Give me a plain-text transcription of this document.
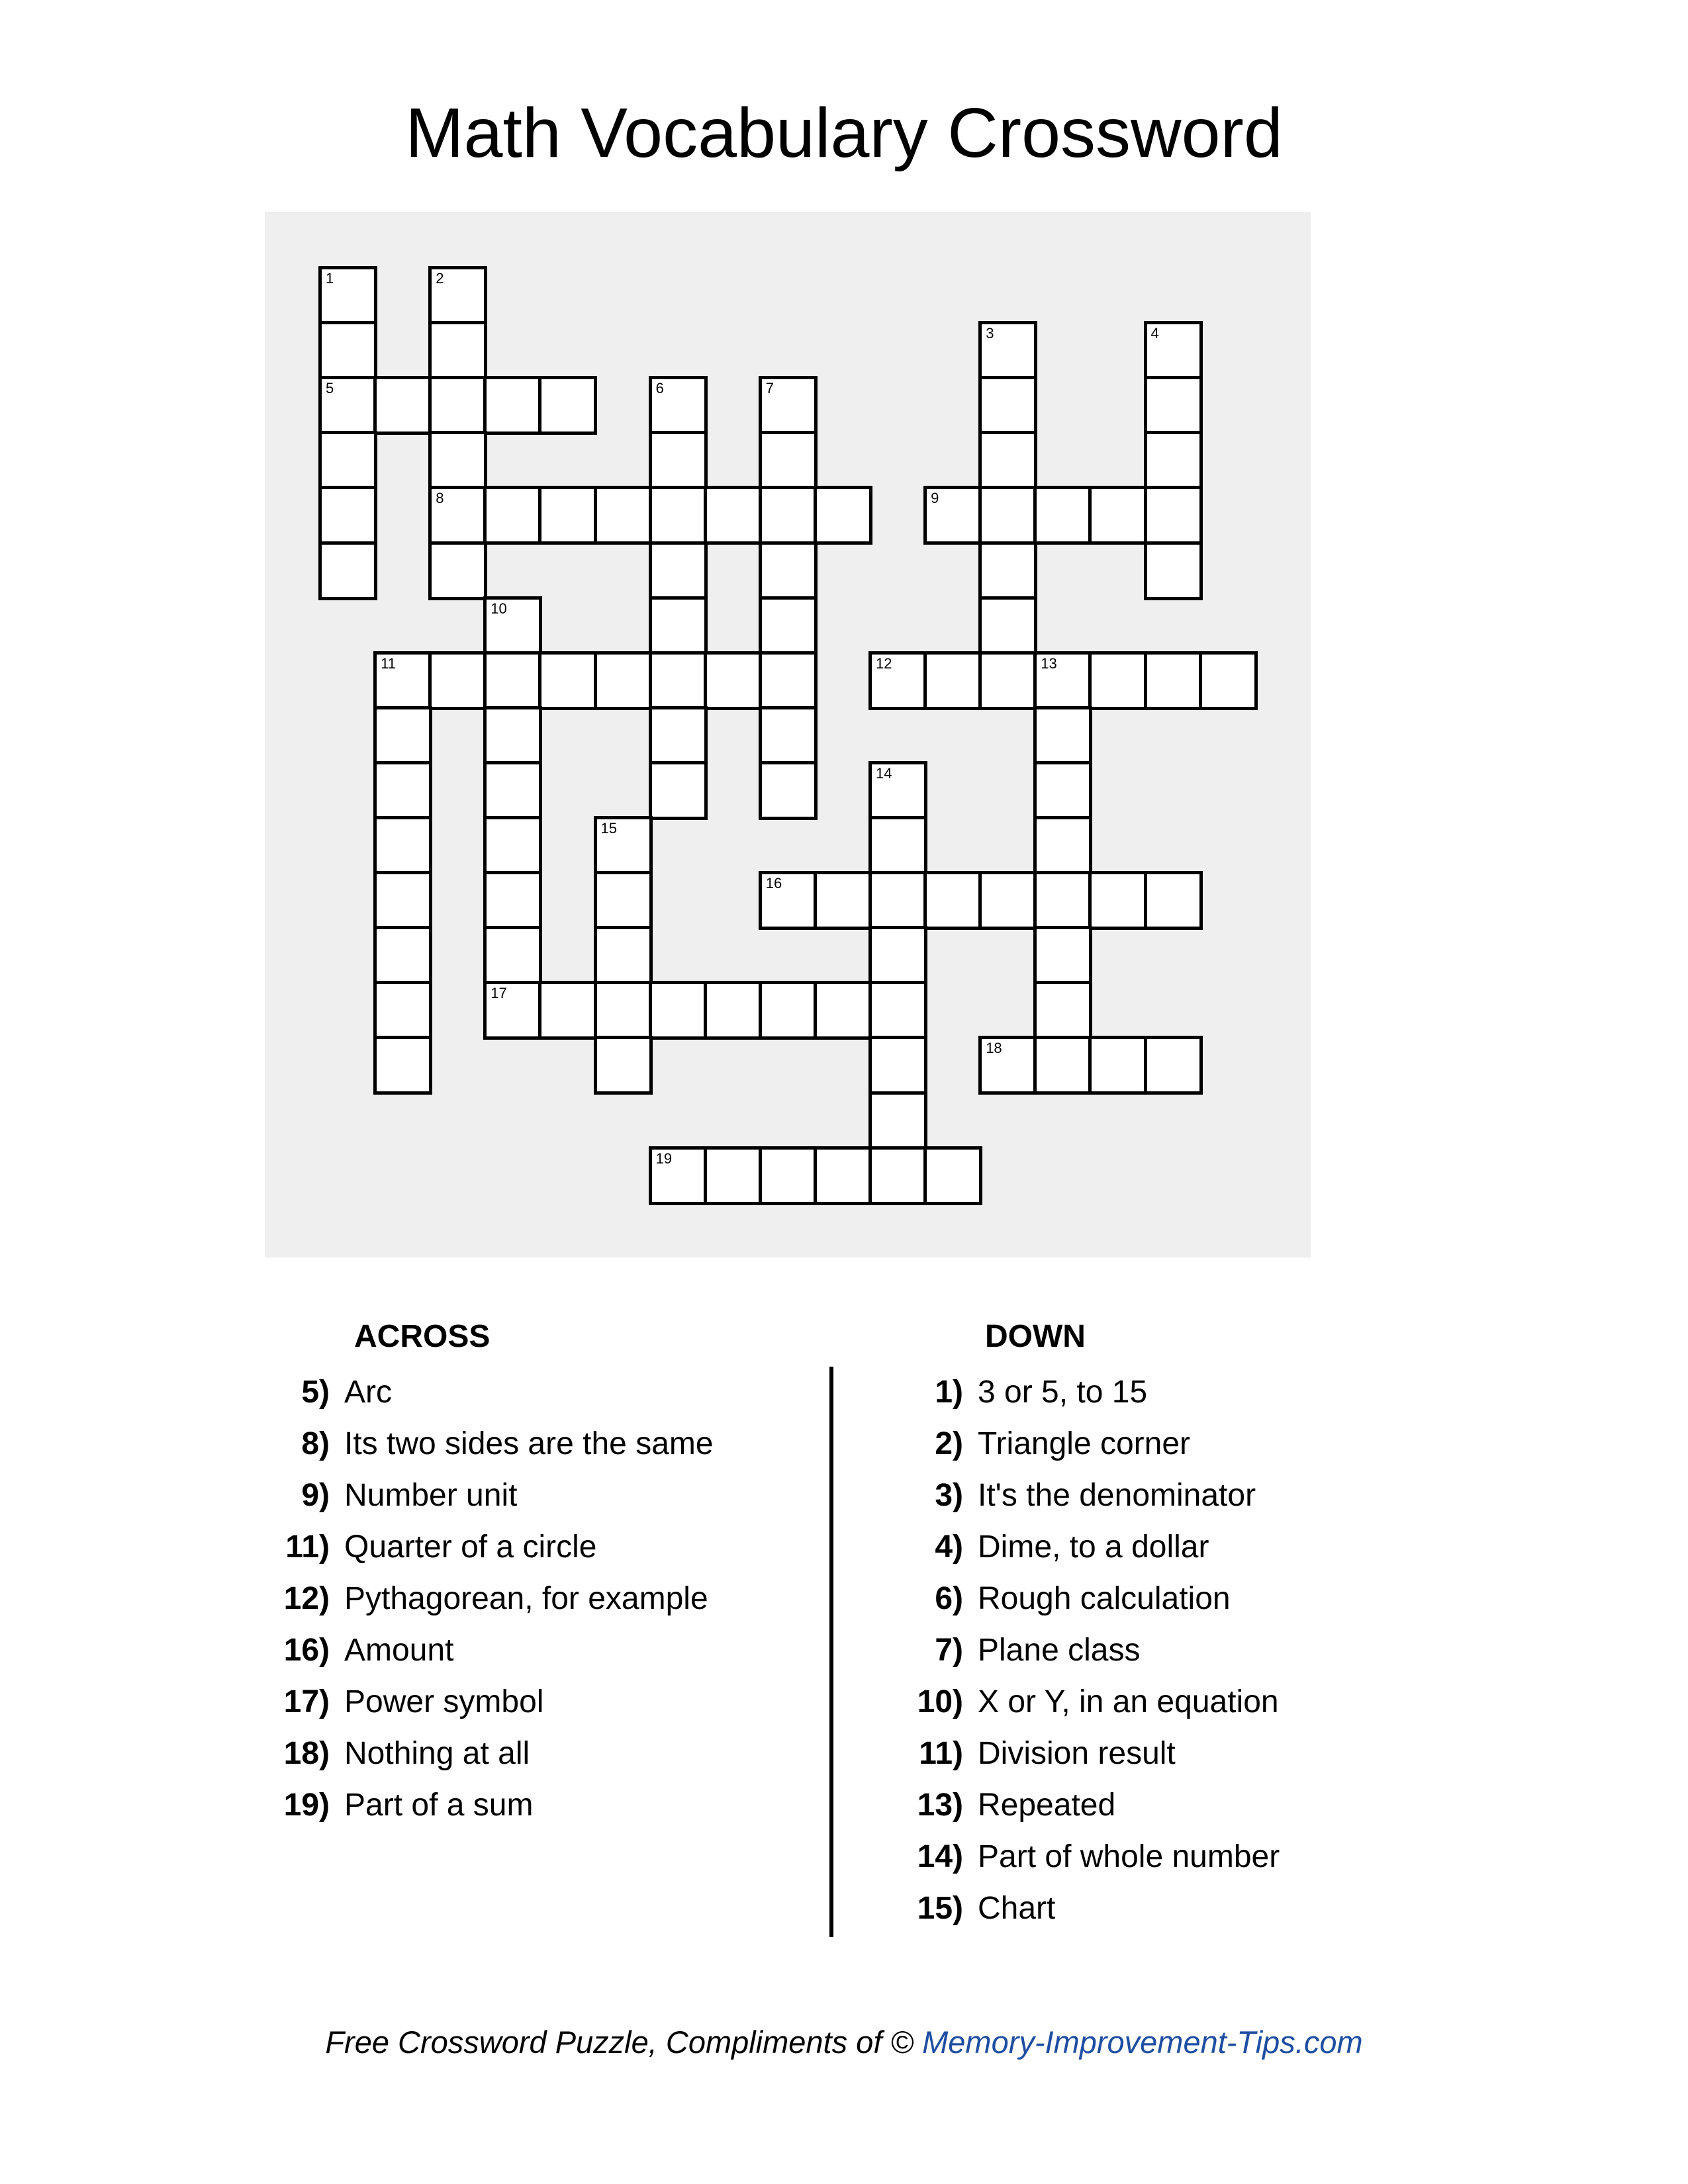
Math Vocabulary Crossword
1	2
3	4
5	6	7
8	9
10
11	12	13
14
15
16
17
18
19
ACROSS
5) Arc
8) Its two sides are the same
9) Number unit
11) Quarter of a circle
12) Pythagorean, for example
16) Amount
17) Power symbol
18) Nothing at all
19) Part of a sum
DOWN
1) 3 or 5, to 15
2) Triangle corner
3) It's the denominator
4) Dime, to a dollar
6) Rough calculation
7) Plane class
10) X or Y, in an equation
11) Division result
13) Repeated
14) Part of whole number
15) Chart
Free Crossword Puzzle, Compliments of © Memory-Improvement-Tips.com
